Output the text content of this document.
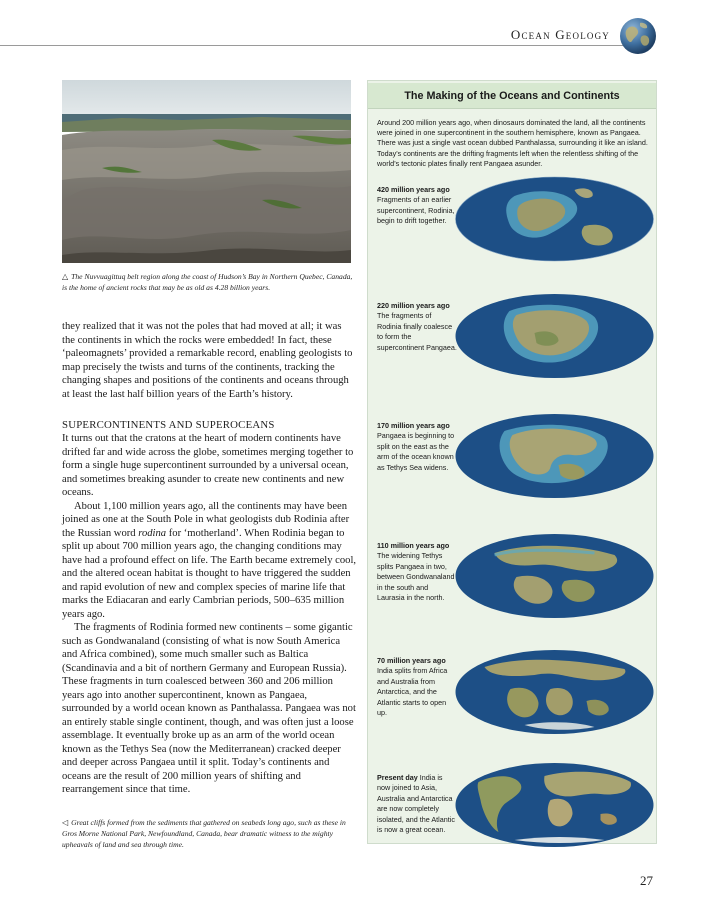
Ocean Geology
△ The Nuvvuagittuq belt region along the coast of Hudson’s Bay in Northern Quebec, Canada, is the home of ancient rocks that may be as old as 4.28 billion years.
they realized that it was not the poles that had moved at all; it was the continents in which the rocks were embedded! In fact, these ‘paleomagnets’ provided a remarkable record, enabling geologists to map precisely the twists and turns of the continents, tracking the changing shapes and positions of the continents and oceans through at least the last half billion years of the Earth’s history.
SUPERCONTINENTS AND SUPEROCEANS

It turns out that the cratons at the heart of modern continents have drifted far and wide across the globe, sometimes merging together to form a single huge supercontinent surrounded by a universal ocean, and sometimes breaking asunder to create new continents and new oceans.

About 1,100 million years ago, all the continents may have been joined as one at the South Pole in what geologists dub Rodinia after the Russian word rodina for ‘motherland’. When Rodinia began to split up about 700 million years ago, the changing conditions may have had a profound effect on life. The Earth became extremely cool, and the altered ocean habitat is thought to have triggered the sudden and rapid evolution of new and complex species of marine life that marks the Ediacaran and early Cambrian periods, 500–635 million years ago.

The fragments of Rodinia formed new continents – some gigantic such as Gondwanaland (consisting of what is now South America and Africa combined), some much smaller such as Baltica (Scandinavia and a bit of northern Germany and European Russia). These fragments in turn coalesced between 360 and 206 million years ago into another supercontinent, known as Pangaea, surrounded by a world ocean known as Panthalassa. Pangaea was not an entirely stable single continent, though, and was often just a loose assemblage. It eventually broke up as an arm of the world ocean known as the Tethys Sea (now the Mediterranean) cracked deeper and deeper across Pangaea until it split. Today’s continents and oceans are the result of 200 million years of shifting and rearrangement since that time.

◁ Great cliffs formed from the sediments that gathered on seabeds long ago, such as these in Gros Morne National Park, Newfoundland, Canada, bear dramatic witness to the mighty upheavals of land and sea through time.
The Making of the Oceans and Continents
Around 200 million years ago, when dinosaurs dominated the land, all the continents were joined in one supercontinent in the southern hemisphere, known as Pangaea. There was just a single vast ocean dubbed Panthalassa, surrounding it like an island. Today’s continents are the drifting fragments left when the relentless shifting of the world’s tectonic plates finally rent Pangaea asunder.
420 million years ago Fragments of an earlier supercontinent, Rodinia, begin to drift together.
220 million years ago The fragments of Rodinia finally coalesce to form the supercontinent Pangaea.
170 million years ago Pangaea is beginning to split on the east as the arm of the ocean known as Tethys Sea widens.
110 million years ago The widening Tethys splits Pangaea in two, between Gondwanaland in the south and Laurasia in the north.
70 million years ago India splits from Africa and Australia from Antarctica, and the Atlantic starts to open up.
Present day India is now joined to Asia, Australia and Antarctica are now completely isolated, and the Atlantic is now a great ocean.
27
